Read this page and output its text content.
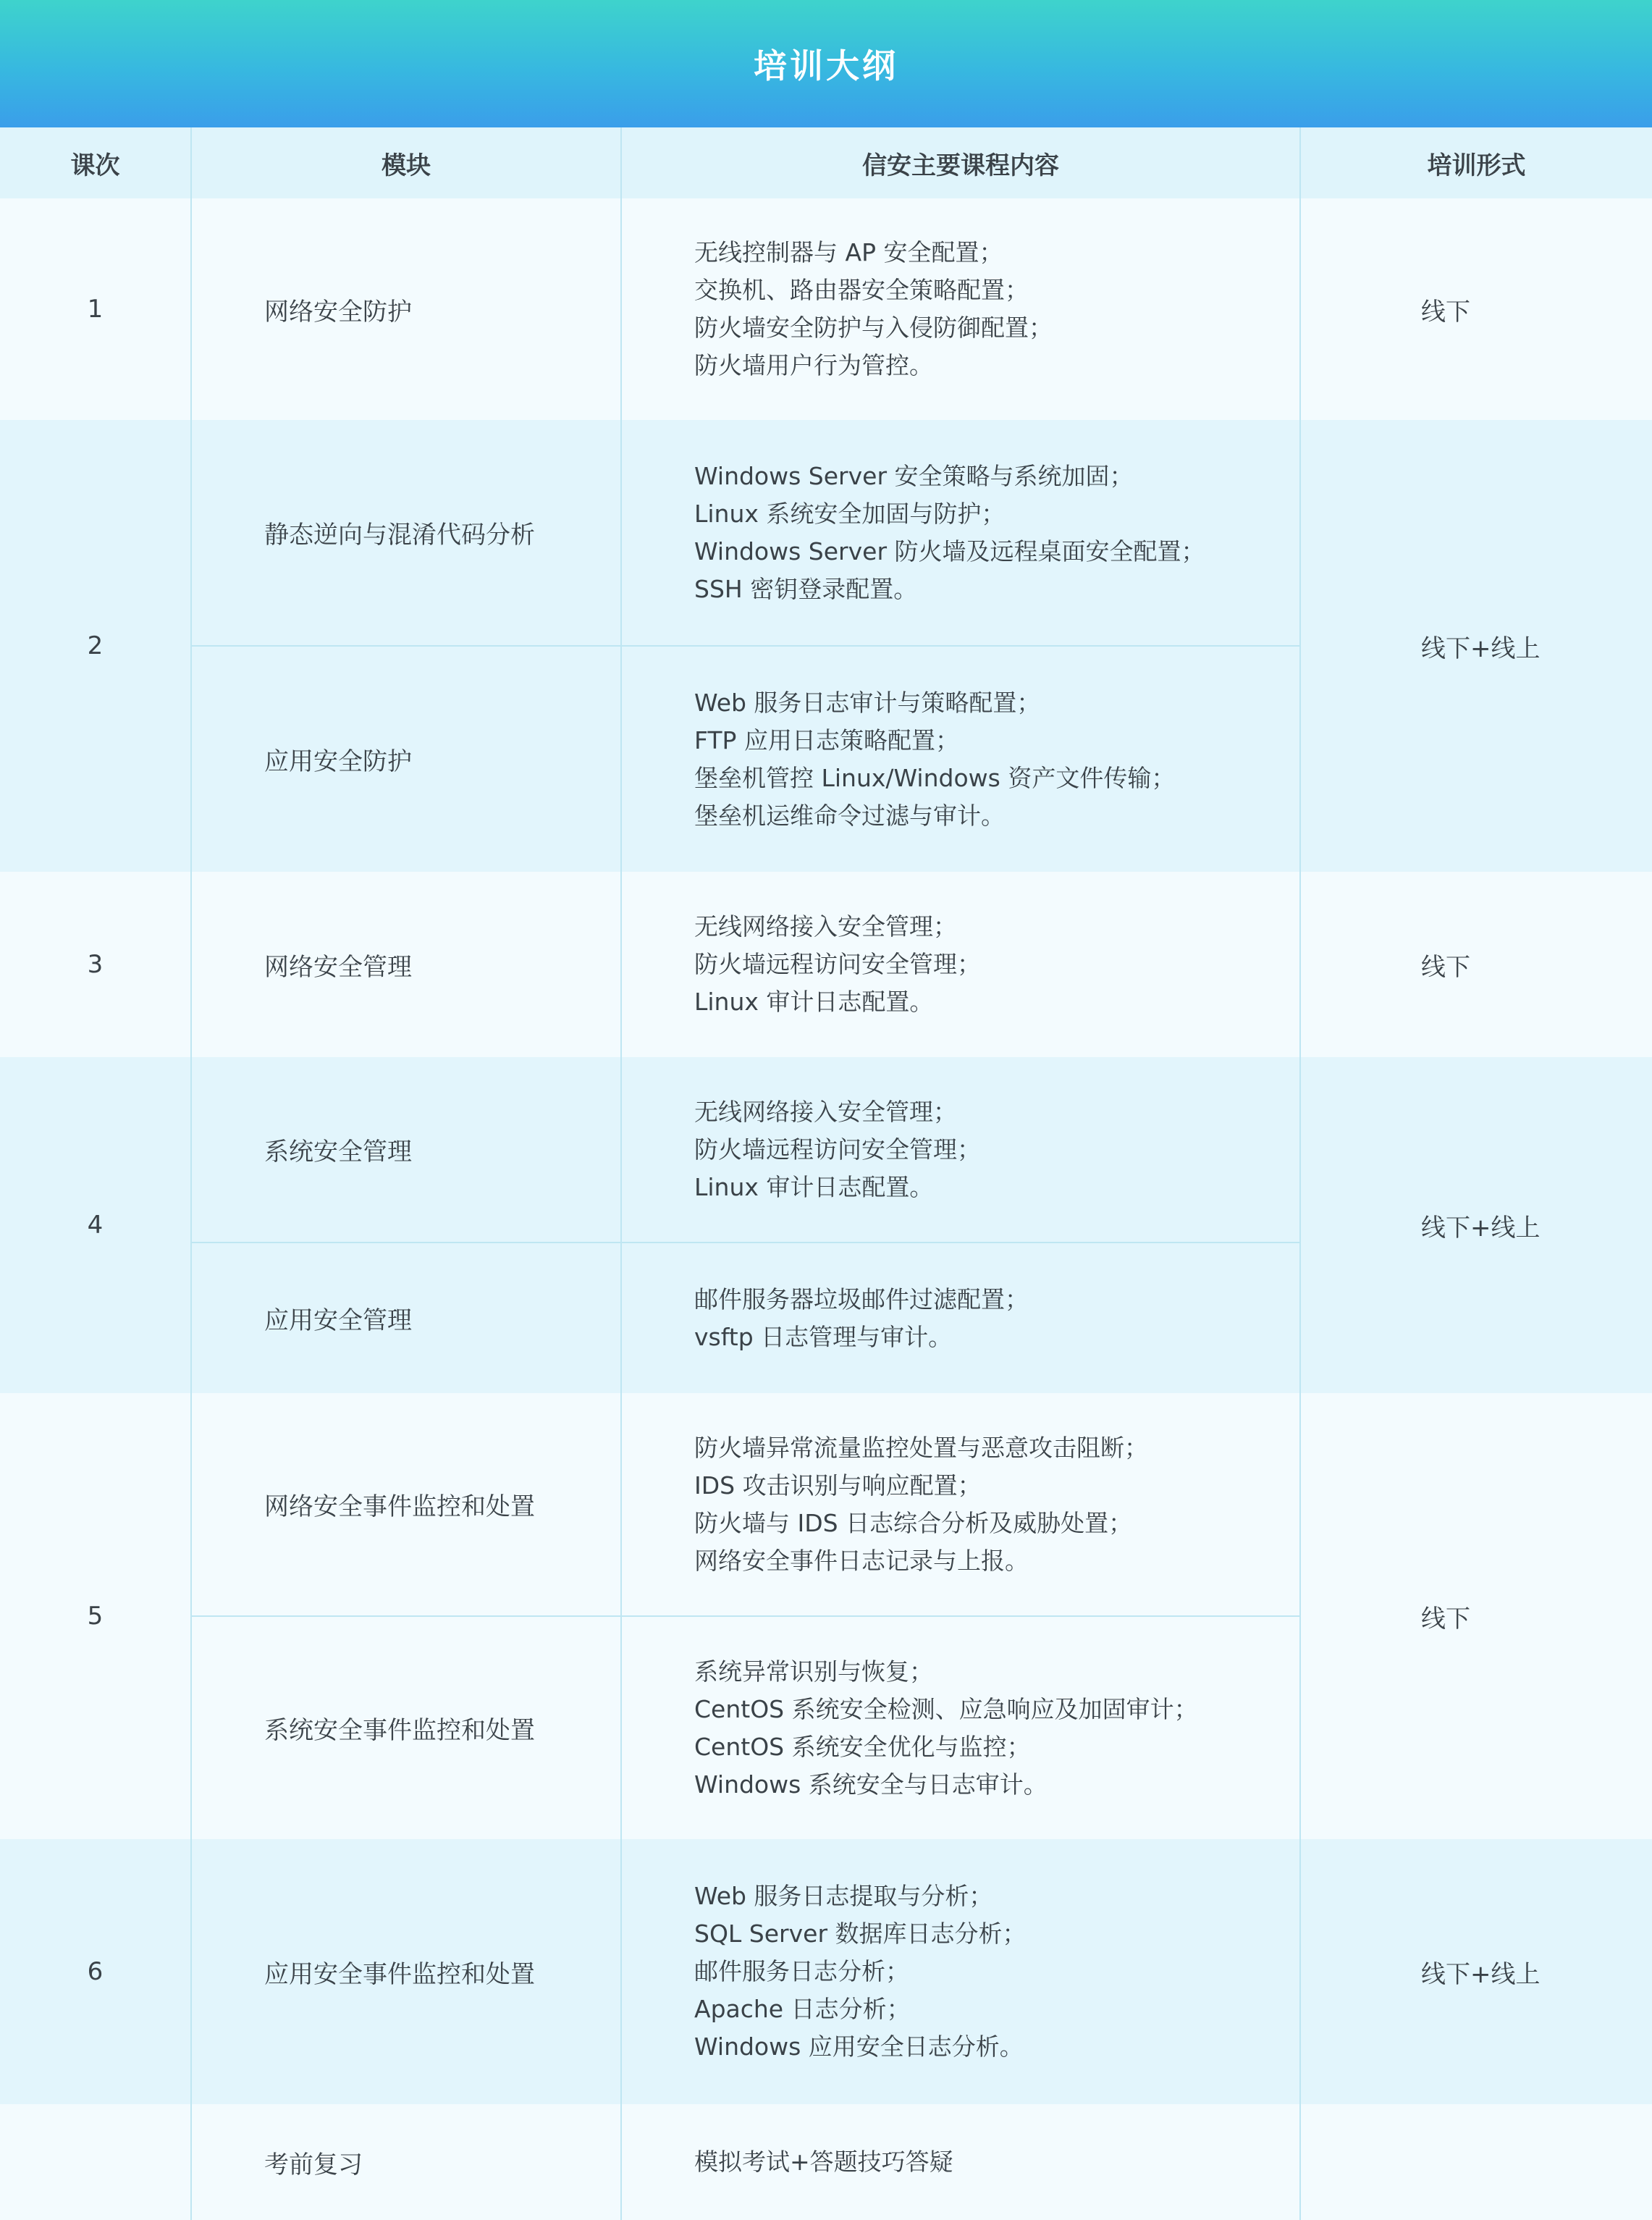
培训大纲
课次	模块	信安主要课程内容	培训形式
1	网络安全防护	无线控制器与 AP 安全配置；
交换机、路由器安全策略配置；
防火墙安全防护与入侵防御配置；
防火墙用户行为管控。	线下
2	静态逆向与混淆代码分析	Windows Server 安全策略与系统加固；
Linux 系统安全加固与防护；
Windows Server 防火墙及远程桌面安全配置；
SSH 密钥登录配置。	线下+线上
	应用安全防护	Web 服务日志审计与策略配置；
FTP 应用日志策略配置；
堡垒机管控 Linux/Windows 资产文件传输；
堡垒机运维命令过滤与审计。	

3	网络安全管理	无线网络接入安全管理；
防火墙远程访问安全管理；
Linux 审计日志配置。	线下
4	系统安全管理	无线网络接入安全管理；
防火墙远程访问安全管理；
Linux 审计日志配置。	线下+线上
	应用安全管理	邮件服务器垃圾邮件过滤配置；
vsftp 日志管理与审计。	

5	网络安全事件监控和处置	防火墙异常流量监控处置与恶意攻击阻断；
IDS 攻击识别与响应配置；
防火墙与 IDS 日志综合分析及威胁处置；
网络安全事件日志记录与上报。	线下
	系统安全事件监控和处置	系统异常识别与恢复；
CentOS 系统安全检测、应急响应及加固审计；
CentOS 系统安全优化与监控；
Windows 系统安全与日志审计。	

6	应用安全事件监控和处置	Web 服务日志提取与分析；
SQL Server 数据库日志分析；
邮件服务日志分析；
Apache 日志分析；
Windows 应用安全日志分析。	线下+线上
	考前复习	模拟考试+答题技巧答疑	
